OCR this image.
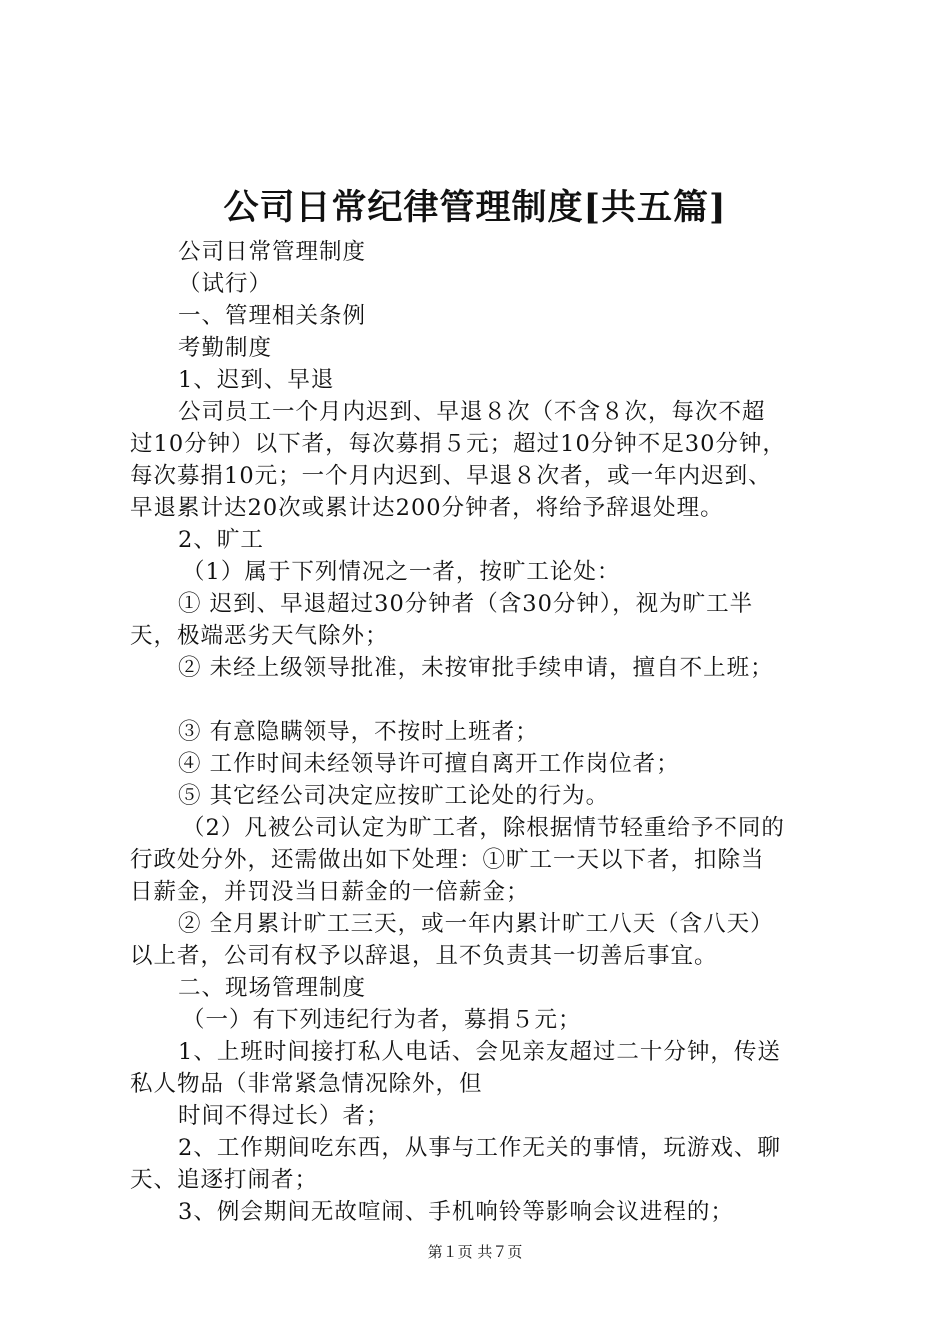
公司日常纪律管理制度[共五篇]
公司日常管理制度
（试行）
一、管理相关条例
考勤制度
1、迟到、早退
公司员工一个月内迟到、早退８次（不含８次，每次不超
过10分钟）以下者，每次募捐５元；超过10分钟不足30分钟，
每次募捐10元；一个月内迟到、早退８次者，或一年内迟到、
早退累计达20次或累计达200分钟者，将给予辞退处理。
2、旷工
（1）属于下列情况之一者，按旷工论处：
① 迟到、早退超过30分钟者（含30分钟），视为旷工半
天，极端恶劣天气除外；
② 未经上级领导批准，未按审批手续申请，擅自不上班；
③ 有意隐瞒领导，不按时上班者；
④ 工作时间未经领导许可擅自离开工作岗位者；
⑤ 其它经公司决定应按旷工论处的行为。
（2）凡被公司认定为旷工者，除根据情节轻重给予不同的
行政处分外，还需做出如下处理：①旷工一天以下者，扣除当
日薪金，并罚没当日薪金的一倍薪金；
② 全月累计旷工三天，或一年内累计旷工八天（含八天）
以上者，公司有权予以辞退，且不负责其一切善后事宜。
二、现场管理制度
（一）有下列违纪行为者，募捐５元；
1、上班时间接打私人电话、会见亲友超过二十分钟，传送
私人物品（非常紧急情况除外，但
时间不得过长）者；
2、工作期间吃东西，从事与工作无关的事情，玩游戏、聊
天、追逐打闹者；
3、例会期间无故喧闹、手机响铃等影响会议进程的；
第１页 共７页
